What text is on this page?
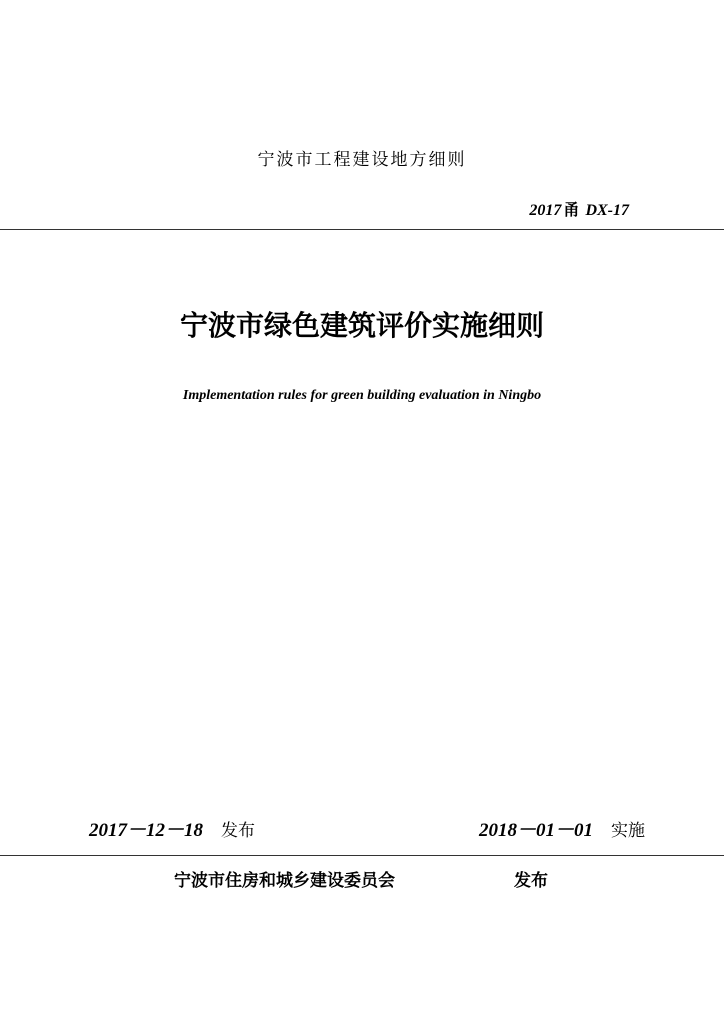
宁波市工程建设地方细则
2017 甬 DX-17
宁波市绿色建筑评价实施细则
Implementation rules for green building evaluation in Ningbo
2017－12－18 发布	2018－01－01 实施
宁波市住房和城乡建设委员会	发布
